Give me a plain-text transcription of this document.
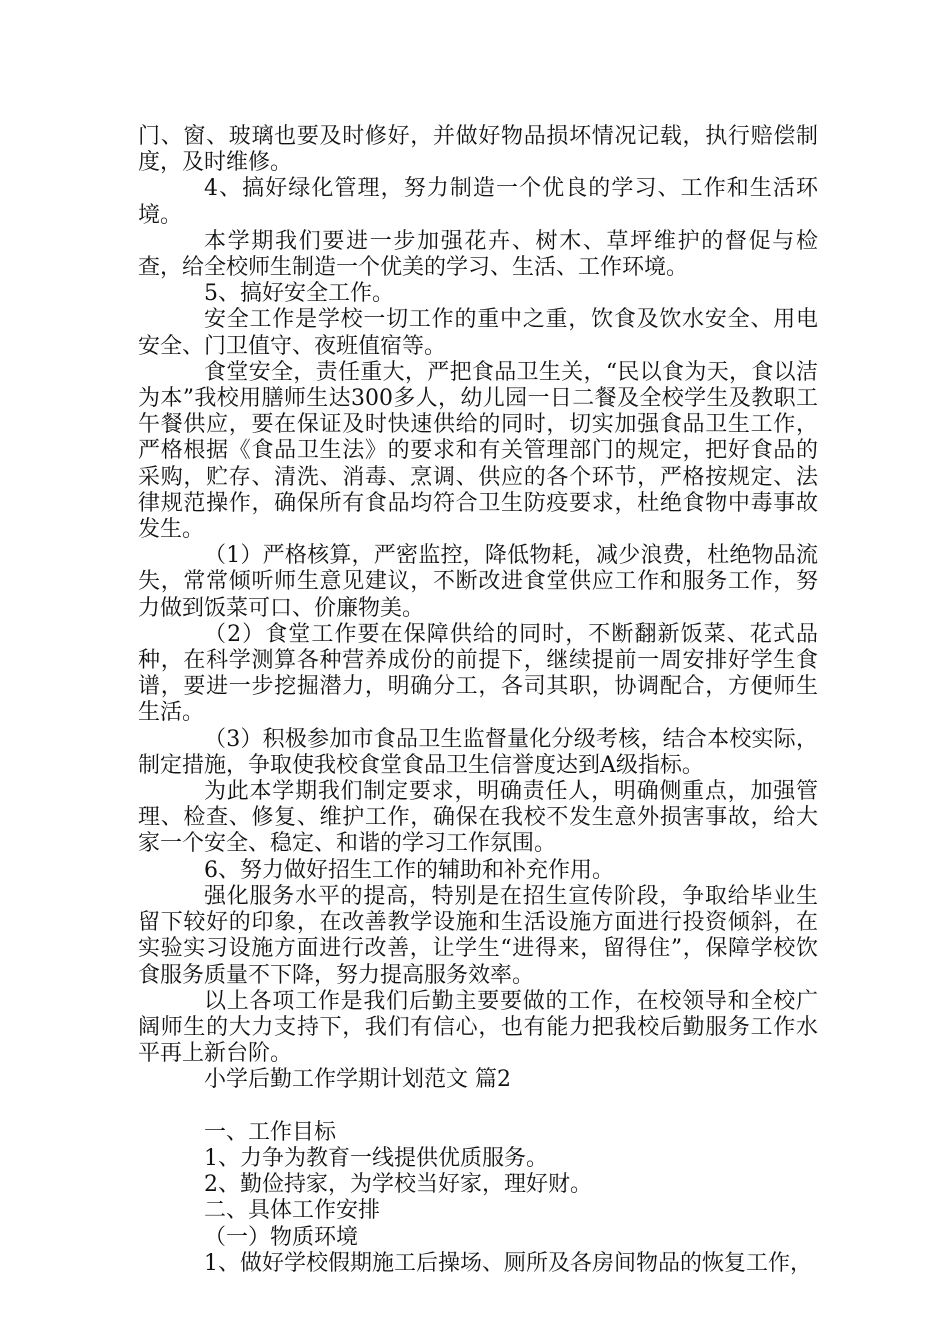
门、窗、玻璃也要及时修好，并做好物品损坏情况记载，执行赔偿制度，及时维修。

4、搞好绿化管理，努力制造一个优良的学习、工作和生活环境。

本学期我们要进一步加强花卉、树木、草坪维护的督促与检查，给全校师生制造一个优美的学习、生活、工作环境。

5、搞好安全工作。

安全工作是学校一切工作的重中之重，饮食及饮水安全、用电安全、门卫值守、夜班值宿等。

食堂安全，责任重大，严把食品卫生关，“民以食为天，食以洁为本”我校用膳师生达300多人，幼儿园一日二餐及全校学生及教职工午餐供应，要在保证及时快速供给的同时，切实加强食品卫生工作，严格根据《食品卫生法》的要求和有关管理部门的规定，把好食品的采购，贮存、清洗、消毒、烹调、供应的各个环节，严格按规定、法律规范操作，确保所有食品均符合卫生防疫要求，杜绝食物中毒事故发生。

（1）严格核算，严密监控，降低物耗，减少浪费，杜绝物品流失，常常倾听师生意见建议，不断改进食堂供应工作和服务工作，努力做到饭菜可口、价廉物美。

（2）食堂工作要在保障供给的同时，不断翻新饭菜、花式品种，在科学测算各种营养成份的前提下，继续提前一周安排好学生食谱，要进一步挖掘潜力，明确分工，各司其职，协调配合，方便师生生活。

（3）积极参加市食品卫生监督量化分级考核，结合本校实际，制定措施，争取使我校食堂食品卫生信誉度达到A级指标。

为此本学期我们制定要求，明确责任人，明确侧重点，加强管理、检查、修复、维护工作，确保在我校不发生意外损害事故，给大家一个安全、稳定、和谐的学习工作氛围。

6、努力做好招生工作的辅助和补充作用。

强化服务水平的提高，特别是在招生宣传阶段，争取给毕业生留下较好的印象，在改善教学设施和生活设施方面进行投资倾斜，在实验实习设施方面进行改善，让学生“进得来，留得住”，保障学校饮食服务质量不下降，努力提高服务效率。

以上各项工作是我们后勤主要要做的工作，在校领导和全校广阔师生的大力支持下，我们有信心，也有能力把我校后勤服务工作水平再上新台阶。

小学后勤工作学期计划范文 篇2

一、工作目标

1、力争为教育一线提供优质服务。

2、勤俭持家，为学校当好家，理好财。

二、具体工作安排

（一）物质环境

1、做好学校假期施工后操场、厕所及各房间物品的恢复工作，
